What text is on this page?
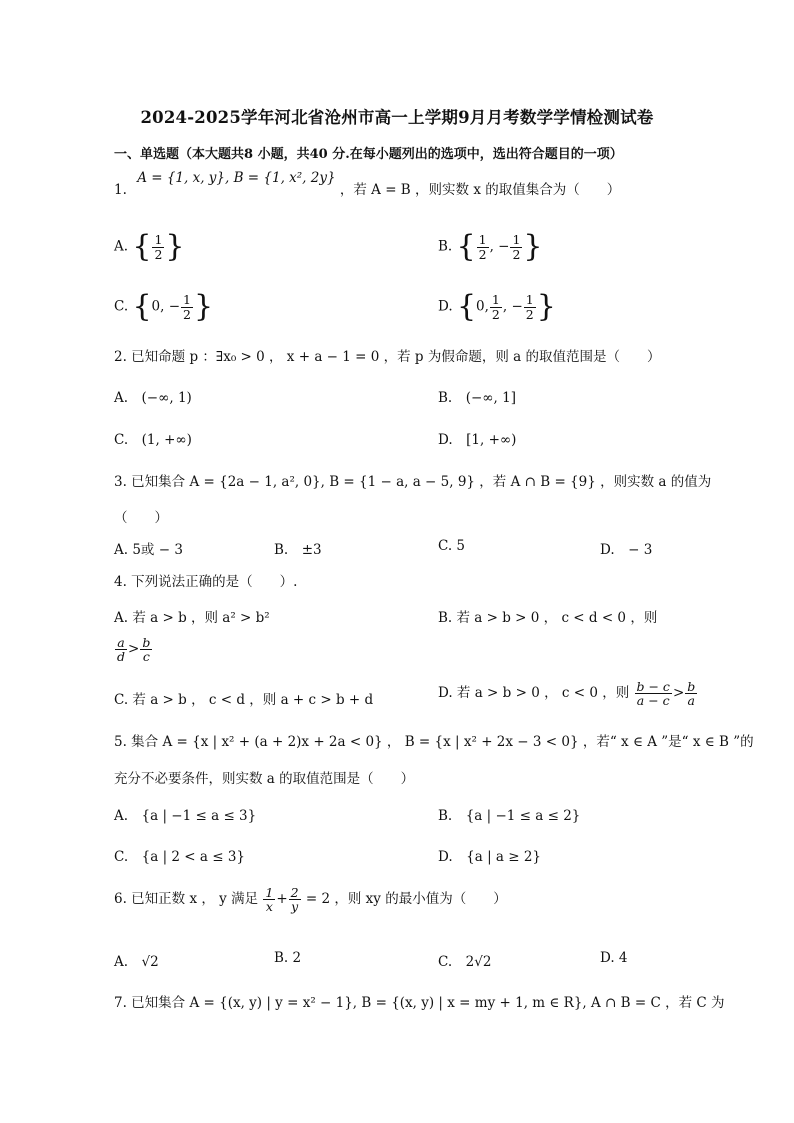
2024-2025学年河北省沧州市高一上学期9月月考数学学情检测试卷
一、单选题（本大题共8 小题，共40 分.在每小题列出的选项中，选出符合题目的一项）
1. A = {1, x, y}, B = {1, x², 2y} ，若 A = B ，则实数 x 的取值集合为（　　）
A. { $\frac{1}{2}$ }	B. { $\frac{1}{2}$ , − $\frac{1}{2}$ }
C. {0, − $\frac{1}{2}$ }	D. {0, $\frac{1}{2}$ , − $\frac{1}{2}$ }
2. 已知命题 p ：∃x₀ > 0 ， x + a − 1 = 0 ，若 p 为假命题，则 a 的取值范围是（　　）
A.　(−∞, 1)	B.　(−∞, 1]
C.　(1, +∞)	D.　[1, +∞)
3. 已知集合 A = {2a − 1, a², 0}, B = {1 − a, a − 5, 9} ，若 A ∩ B = {9} ，则实数 a 的值为
（　　）
A. 5或 − 3	B.　±3	C. 5	D.　− 3
4. 下列说法正确的是（　　）.
A. 若 a > b ，则 a² > b²	B. 若 a > b > 0 ， c < d < 0 ，则
$\frac{a}{d} > \frac{b}{c}$
C. 若 a > b ， c < d ，则 a + c > b + d	D. 若 a > b > 0 ， c < 0 ，则 $\frac{b - c}{a - c} > \frac{b}{a}$
5. 集合 A = {x | x² + (a + 2)x + 2a < 0} ， B = {x | x² + 2x − 3 < 0} ，若“ x ∈ A ”是“ x ∈ B ”的
充分不必要条件，则实数 a 的取值范围是（　　）
A.　{a | −1 ≤ a ≤ 3}	B.　{a | −1 ≤ a ≤ 2}
C.　{a | 2 < a ≤ 3}	D.　{a | a ≥ 2}
6. 已知正数 x ， y 满足 $\frac{1}{x} + \frac{2}{y} = 2$ ，则 xy 的最小值为（　　）
A.　√2	B. 2	C.　2√2	D. 4
7. 已知集合 A = {(x, y) | y = x² − 1}, B = {(x, y) | x = my + 1, m ∈ R}, A ∩ B = C ，若 C 为
